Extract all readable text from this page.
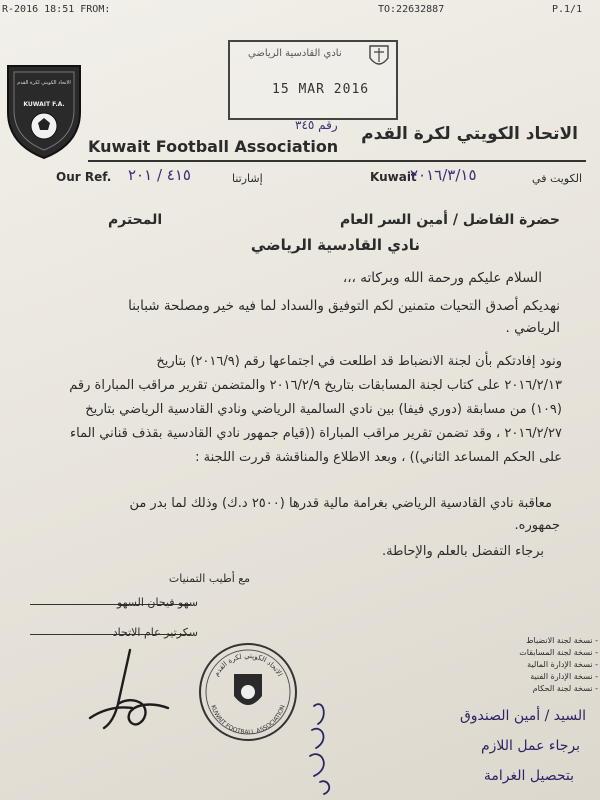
R-2016 18:51 FROM:	TO:22632887	P.1/1
نادي القادسية الرياضي
15 MAR 2016
رقم ٣٤٥
الاتحاد الكويتي لكرة القدم
KUWAIT F.A.
الاتحاد الكويتي لكرة القدم
Kuwait Football Association
Our Ref. ٤١٥ / ٢٠١	إشارتنا	Kuwait
٢٠١٦/٣/١٥	الكويت في
حضرة الفاضل / أمين السر العام
المحترم
نادي القادسية الرياضي
السلام عليكم ورحمة الله وبركاته ،،،
نهديكم أصدق التحيات متمنين لكم التوفيق والسداد لما فيه خير ومصلحة شبابنا
الرياضي .
ونود إفادتكم بأن لجنة الانضباط قد اطلعت في اجتماعها رقم (٢٠١٦/٩) بتاريخ
٢٠١٦/٢/١٣ على كتاب لجنة المسابقات بتاريخ ٢٠١٦/٢/٩ والمتضمن تقرير مراقب المباراة رقم
(١٠٩) من مسابقة (دوري فيفا) بين نادي السالمية الرياضي ونادي القادسية الرياضي بتاريخ
٢٠١٦/٢/٢٧ ، وقد تضمن تقرير مراقب المباراة ((قيام جمهور نادي القادسية بقذف قناني الماء
على الحكم المساعد الثاني)) ، وبعد الاطلاع والمناقشة قررت اللجنة :
معاقبة نادي القادسية الرياضي بغرامة مالية قدرها (٢٥٠٠ د.ك) وذلك لما بدر من
جمهوره.
برجاء التفضل بالعلم والإحاطة.
مع أطيب التمنيات
سهو فيحان السهو
سكرتير عام الاتحاد
- نسخة لجنة الانضباط
- نسخة لجنة المسابقات
- نسخة الإدارة المالية
- نسخة الإدارة الفنية
- نسخة لجنة الحكام
الاتحاد الكويتي لكرة القدم
KUWAIT FOOTBALL ASSOCIATION
السيد / أمين الصندوق
برجاء عمل اللازم
بتحصيل الغرامة
